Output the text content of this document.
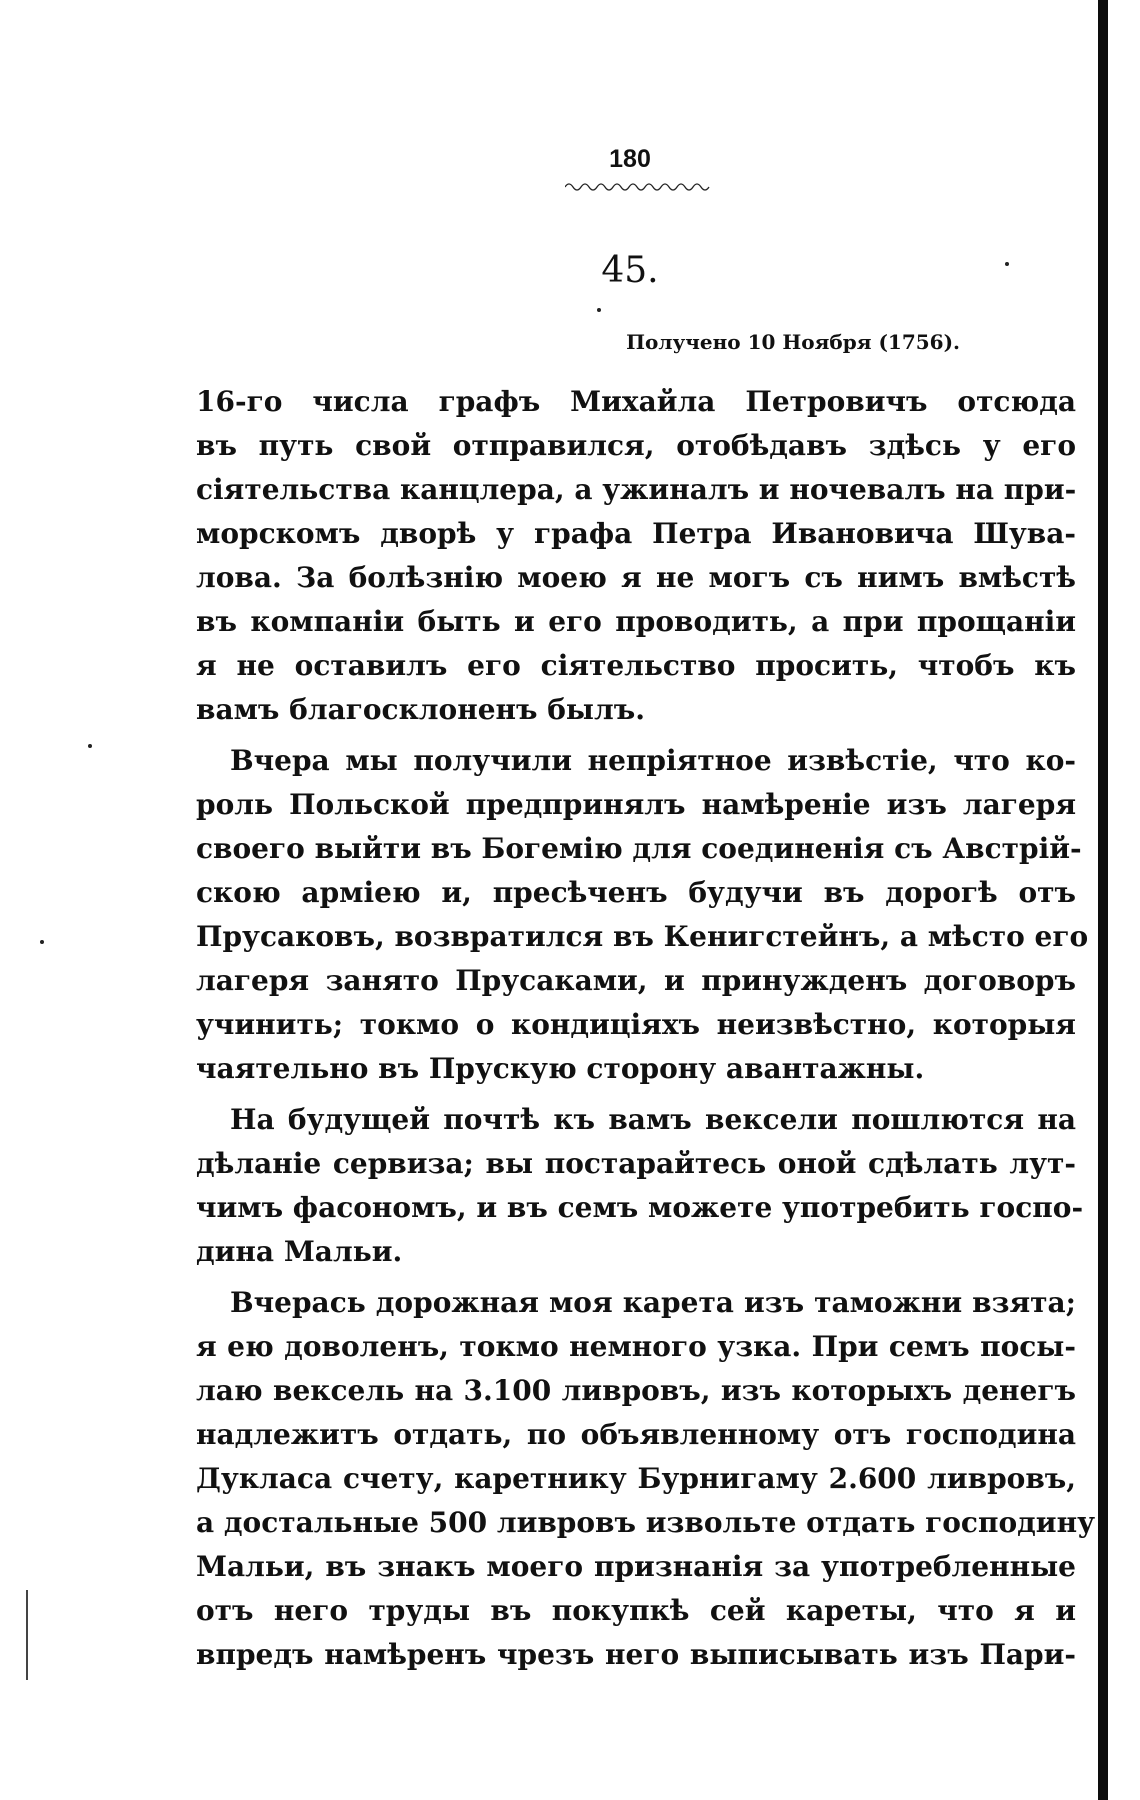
180
45.
Получено 10 Ноября (1756).

16-го числа графъ Михайла Петровичъ отсюда
въ путь свой отправился, отобѣдавъ здѣсь у его
сіятельства канцлера, а ужиналъ и ночевалъ на при-
морскомъ дворѣ у графа Петра Ивановича Шува-
лова. За болѣзнію моею я не могъ съ нимъ вмѣстѣ
въ компаніи быть и его проводить, а при прощаніи
я не оставилъ его сіятельство просить, чтобъ къ
вамъ благосклоненъ былъ.

Вчера мы получили непріятное извѣстіе, что ко-
роль Польской предпринялъ намѣреніе изъ лагеря
своего выйти въ Богемію для соединенія съ Австрій-
скою арміею и, пресѣченъ будучи въ дорогѣ отъ
Прусаковъ, возвратился въ Кенигстейнъ, а мѣсто его
лагеря занято Прусаками, и принужденъ договоръ
учинить; токмо о кондиціяхъ неизвѣстно, которыя
чаятельно въ Прускую сторону авантажны.

На будущей почтѣ къ вамъ вексели пошлются на
дѣланіе сервиза; вы постарайтесь оной сдѣлать лут-
чимъ фасономъ, и въ семъ можете употребить госпо-
дина Мальи.

Вчерась дорожная моя карета изъ таможни взята;
я ею доволенъ, токмо немного узка. При семъ посы-
лаю вексель на 3.100 ливровъ, изъ которыхъ денегъ
надлежитъ отдать, по объявленному отъ господина
Дукласа счету, каретнику Бурнигаму 2.600 ливровъ,
а достальные 500 ливровъ извольте отдать господину
Мальи, въ знакъ моего признанія за употребленные
отъ него труды въ покупкѣ сей кареты, что я и
впредъ намѣренъ чрезъ него выписывать изъ Пари-
